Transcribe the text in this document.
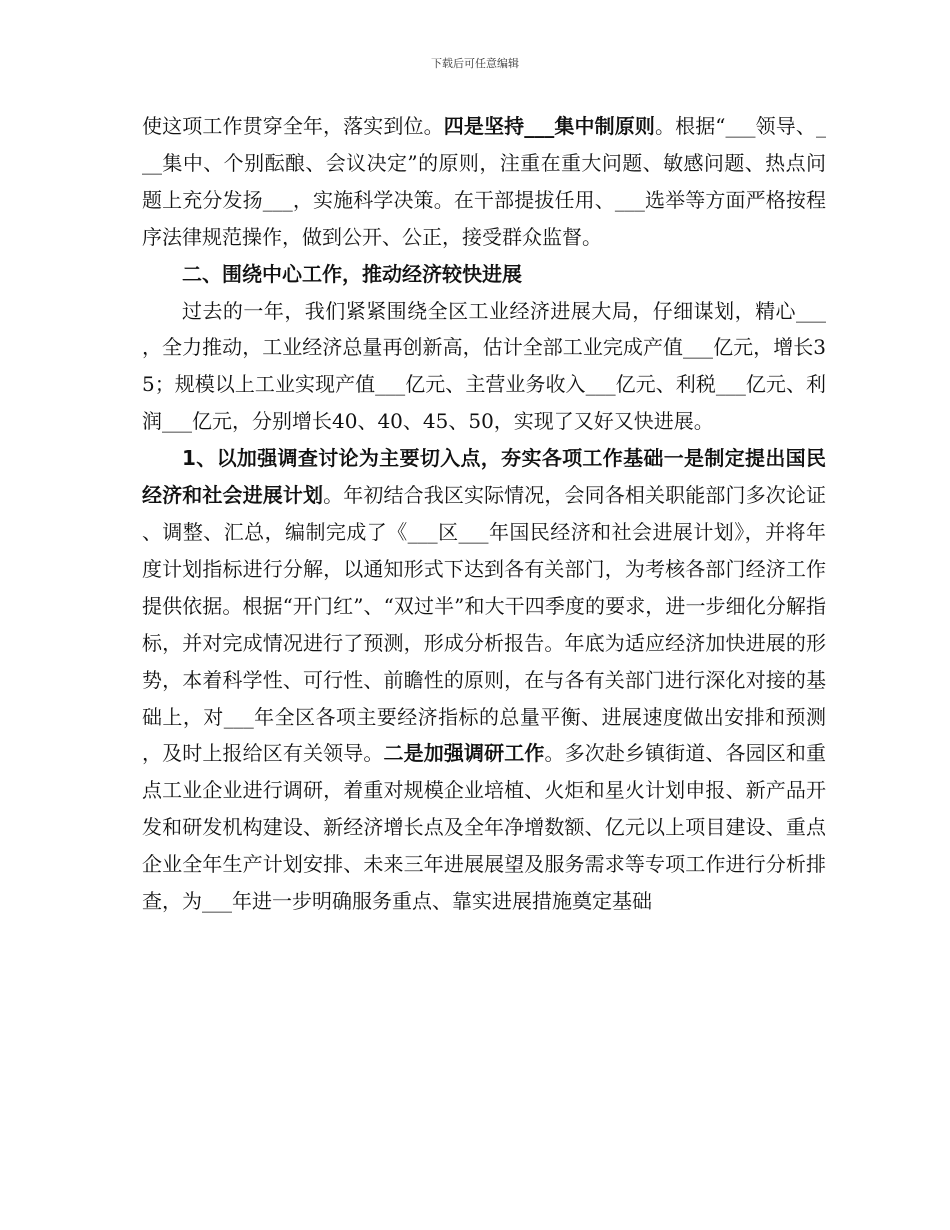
下载后可任意编辑

使这项工作贯穿全年，落实到位。四是坚持___集中制原则。根据“___领导、___集中、个别酝酿、会议决定”的原则，注重在重大问题、敏感问题、热点问题上充分发扬___，实施科学决策。在干部提拔任用、___选举等方面严格按程序法律规范操作，做到公开、公正，接受群众监督。

二、围绕中心工作，推动经济较快进展

过去的一年，我们紧紧围绕全区工业经济进展大局，仔细谋划，精心___，全力推动，工业经济总量再创新高，估计全部工业完成产值___亿元，增长35；规模以上工业实现产值___亿元、主营业务收入___亿元、利税___亿元、利润___亿元，分别增长40、40、45、50，实现了又好又快进展。

1、以加强调查讨论为主要切入点，夯实各项工作基础一是制定提出国民经济和社会进展计划。年初结合我区实际情况，会同各相关职能部门多次论证、调整、汇总，编制完成了《___区___年国民经济和社会进展计划》，并将年度计划指标进行分解，以通知形式下达到各有关部门，为考核各部门经济工作提供依据。根据“开门红”、“双过半”和大干四季度的要求，进一步细化分解指标，并对完成情况进行了预测，形成分析报告。年底为适应经济加快进展的形势，本着科学性、可行性、前瞻性的原则，在与各有关部门进行深化对接的基础上，对___年全区各项主要经济指标的总量平衡、进展速度做出安排和预测，及时上报给区有关领导。二是加强调研工作。多次赴乡镇街道、各园区和重点工业企业进行调研，着重对规模企业培植、火炬和星火计划申报、新产品开发和研发机构建设、新经济增长点及全年净增数额、亿元以上项目建设、重点企业全年生产计划安排、未来三年进展展望及服务需求等专项工作进行分析排查，为___年进一步明确服务重点、靠实进展措施奠定基础
